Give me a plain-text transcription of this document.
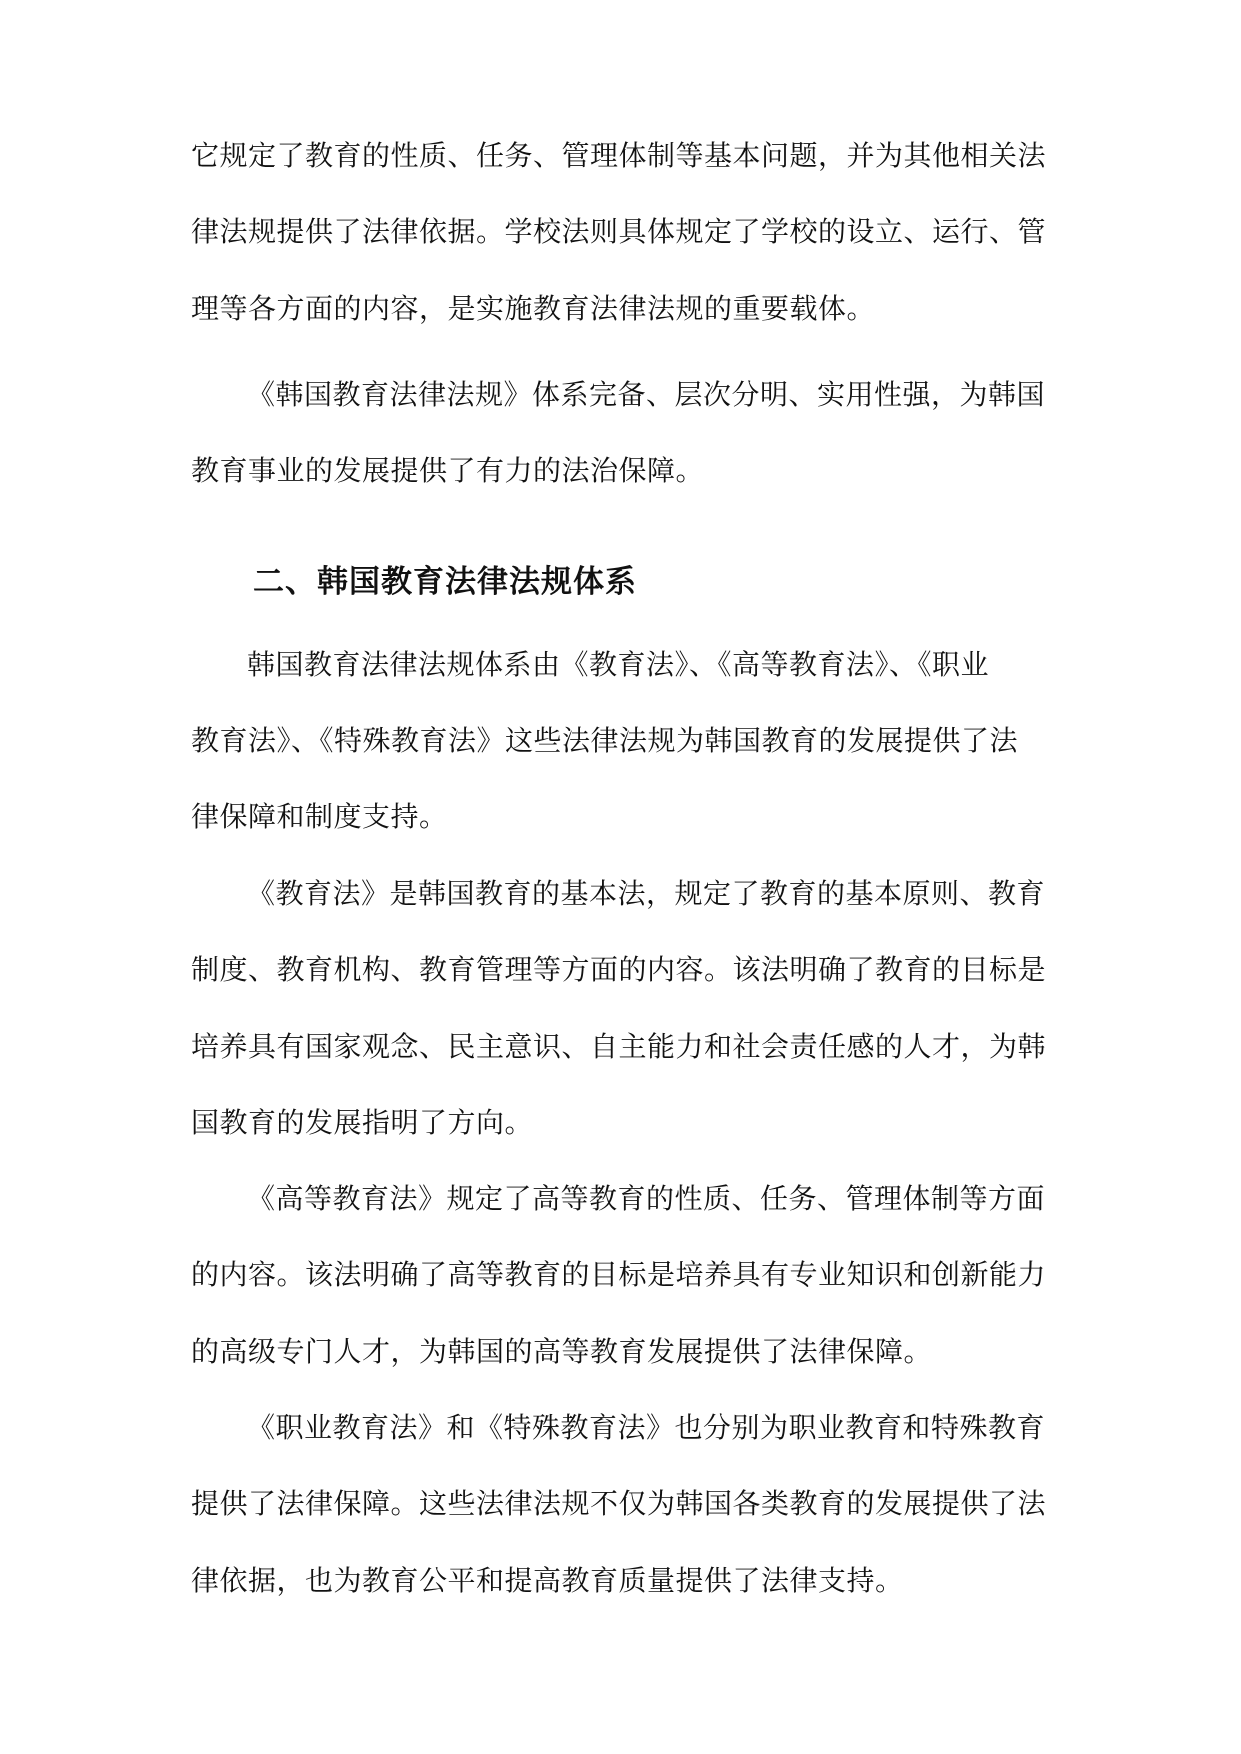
它规定了教育的性质、任务、管理体制等基本问题，并为其他相关法
律法规提供了法律依据。学校法则具体规定了学校的设立、运行、管
理等各方面的内容，是实施教育法律法规的重要载体。
《韩国教育法律法规》体系完备、层次分明、实用性强，为韩国
教育事业的发展提供了有力的法治保障。
二、韩国教育法律法规体系
韩国教育法律法规体系由《教育法》、《高等教育法》、《职业
教育法》、《特殊教育法》这些法律法规为韩国教育的发展提供了法
律保障和制度支持。
《教育法》是韩国教育的基本法，规定了教育的基本原则、教育
制度、教育机构、教育管理等方面的内容。该法明确了教育的目标是
培养具有国家观念、民主意识、自主能力和社会责任感的人才，为韩
国教育的发展指明了方向。
《高等教育法》规定了高等教育的性质、任务、管理体制等方面
的内容。该法明确了高等教育的目标是培养具有专业知识和创新能力
的高级专门人才，为韩国的高等教育发展提供了法律保障。
《职业教育法》和《特殊教育法》也分别为职业教育和特殊教育
提供了法律保障。这些法律法规不仅为韩国各类教育的发展提供了法
律依据，也为教育公平和提高教育质量提供了法律支持。
